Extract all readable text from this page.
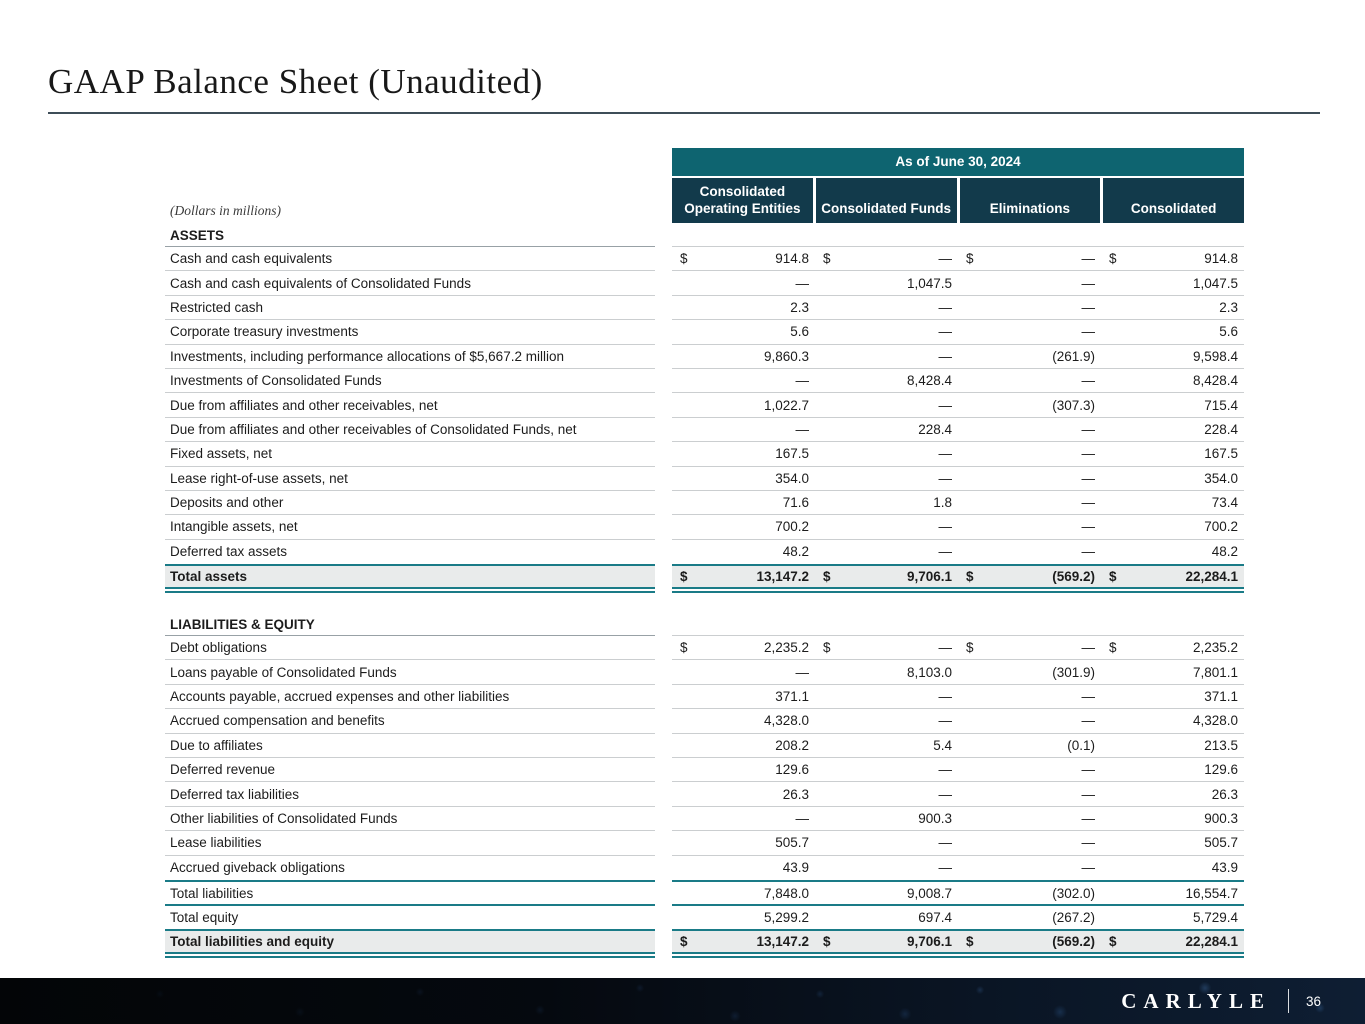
GAAP Balance Sheet (Unaudited)
(Dollars in millions)
As of June 30, 2024
Consolidated Operating Entities	Consolidated Funds	Eliminations	Consolidated
ASSETS
Cash and cash equivalents	$	914.8 $	— $	— $	914.8
Cash and cash equivalents of Consolidated Funds	—	1,047.5	—	1,047.5
Restricted cash	2.3	—	—	2.3
Corporate treasury investments	5.6	—	—	5.6
Investments, including performance allocations of $5,667.2 million	9,860.3	—	(261.9)	9,598.4
Investments of Consolidated Funds	—	8,428.4	—	8,428.4
Due from affiliates and other receivables, net	1,022.7	—	(307.3)	715.4
Due from affiliates and other receivables of Consolidated Funds, net	—	228.4	—	228.4
Fixed assets, net	167.5	—	—	167.5
Lease right-of-use assets, net	354.0	—	—	354.0
Deposits and other	71.6	1.8	—	73.4
Intangible assets, net	700.2	—	—	700.2
Deferred tax assets	48.2	—	—	48.2
Total assets	$	13,147.2 $	9,706.1 $	(569.2) $	22,284.1
LIABILITIES & EQUITY
Debt obligations	$	2,235.2 $	— $	— $	2,235.2
Loans payable of Consolidated Funds	—	8,103.0	(301.9)	7,801.1
Accounts payable, accrued expenses and other liabilities	371.1	—	—	371.1
Accrued compensation and benefits	4,328.0	—	—	4,328.0
Due to affiliates	208.2	5.4	(0.1)	213.5
Deferred revenue	129.6	—	—	129.6
Deferred tax liabilities	26.3	—	—	26.3
Other liabilities of Consolidated Funds	—	900.3	—	900.3
Lease liabilities	505.7	—	—	505.7
Accrued giveback obligations	43.9	—	—	43.9
Total liabilities	7,848.0	9,008.7	(302.0)	16,554.7
Total equity	5,299.2	697.4	(267.2)	5,729.4
Total liabilities and equity	$	13,147.2 $	9,706.1 $	(569.2) $	22,284.1
CARLYLE	36
